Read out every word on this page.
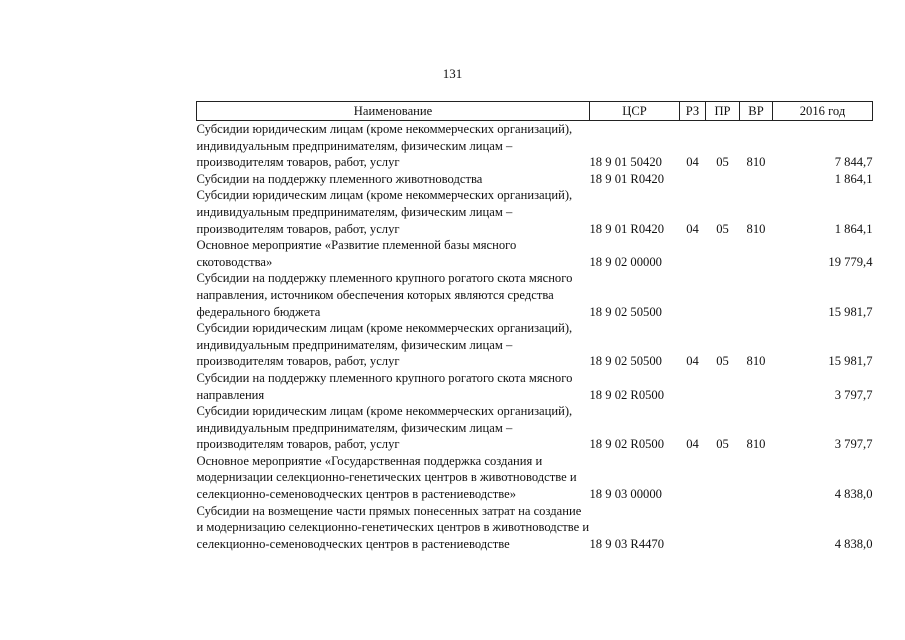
131
Наименование	ЦСР	РЗ	ПР	ВР	2016 год
Субсидии юридическим лицам (кроме некоммерческих организаций), индивидуальным предпринимателям, физическим лицам – производителям товаров, работ, услуг	18 9 01 50420	04	05	810	7 844,7
Субсидии на поддержку племенного животноводства	18 9 01 R0420				1 864,1
Субсидии юридическим лицам (кроме некоммерческих организаций), индивидуальным предпринимателям, физическим лицам – производителям товаров, работ, услуг	18 9 01 R0420	04	05	810	1 864,1
Основное мероприятие «Развитие племенной базы мясного скотоводства»	18 9 02 00000				19 779,4
Субсидии на поддержку племенного крупного рогатого скота мясного направления, источником обеспечения которых являются средства федерального бюджета	18 9 02 50500				15 981,7
Субсидии юридическим лицам (кроме некоммерческих организаций), индивидуальным предпринимателям, физическим лицам – производителям товаров, работ, услуг	18 9 02 50500	04	05	810	15 981,7
Субсидии на поддержку племенного крупного рогатого скота мясного направления	18 9 02 R0500				3 797,7
Субсидии юридическим лицам (кроме некоммерческих организаций), индивидуальным предпринимателям, физическим лицам – производителям товаров, работ, услуг	18 9 02 R0500	04	05	810	3 797,7
Основное мероприятие «Государственная поддержка создания и модернизации селекционно-генетических центров в животноводстве и селекционно-семеноводческих центров в растениеводстве»	18 9 03 00000				4 838,0
Субсидии на возмещение части прямых понесенных затрат на создание и модернизацию селекционно-генетических центров в животноводстве и селекционно-семеноводческих центров в растениеводстве	18 9 03 R4470				4 838,0
